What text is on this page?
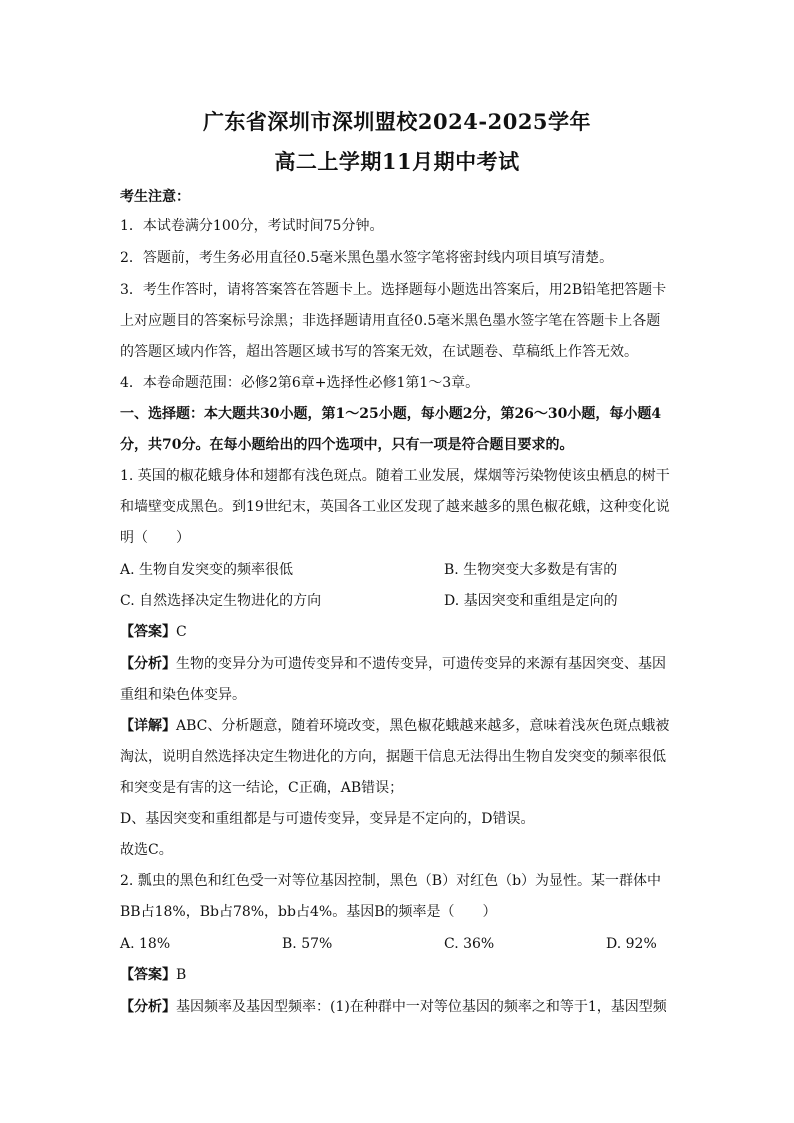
广东省深圳市深圳盟校2024-2025学年
高二上学期11月期中考试
考生注意：
1．本试卷满分100分，考试时间75分钟。
2．答题前，考生务必用直径0.5毫米黑色墨水签字笔将密封线内项目填写清楚。
3．考生作答时，请将答案答在答题卡上。选择题每小题选出答案后，用2B铅笔把答题卡
上对应题目的答案标号涂黑；非选择题请用直径0.5毫米黑色墨水签字笔在答题卡上各题
的答题区域内作答，超出答题区域书写的答案无效，在试题卷、草稿纸上作答无效。
4．本卷命题范围：必修2第6章+选择性必修1第1～3章。
一、选择题：本大题共30小题，第1～25小题，每小题2分，第26～30小题，每小题4
分，共70分。在每小题给出的四个选项中，只有一项是符合题目要求的。
1. 英国的椒花蛾身体和翅都有浅色斑点。随着工业发展，煤烟等污染物使该虫栖息的树干
和墙壁变成黑色。到19世纪末，英国各工业区发现了越来越多的黑色椒花蛾，这种变化说
明（　　）
A. 生物自发突变的频率很低	B. 生物突变大多数是有害的
C. 自然选择决定生物进化的方向	D. 基因突变和重组是定向的
【答案】C
【分析】生物的变异分为可遗传变异和不遗传变异，可遗传变异的来源有基因突变、基因
重组和染色体变异。
【详解】ABC、分析题意，随着环境改变，黑色椒花蛾越来越多，意味着浅灰色斑点蛾被
淘汰，说明自然选择决定生物进化的方向，据题干信息无法得出生物自发突变的频率很低
和突变是有害的这一结论，C正确，AB错误；
D、基因突变和重组都是与可遗传变异，变异是不定向的，D错误。
故选C。
2. 瓢虫的黑色和红色受一对等位基因控制，黑色（B）对红色（b）为显性。某一群体中
BB占18%，Bb占78%，bb占4%。基因B的频率是（　　）
A. 18%	B. 57%	C. 36%	D. 92%
【答案】B
【分析】基因频率及基因型频率：(1)在种群中一对等位基因的频率之和等于1，基因型频
